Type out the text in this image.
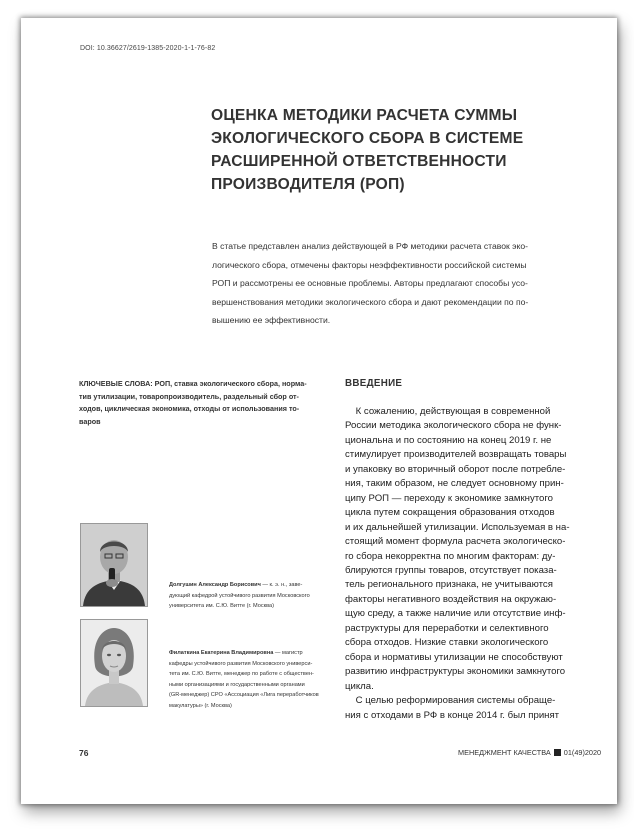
DOI: 10.36627/2619-1385-2020-1-1-76-82
ОЦЕНКА МЕТОДИКИ РАСЧЕТА СУММЫ
ЭКОЛОГИЧЕСКОГО СБОРА В СИСТЕМЕ
РАСШИРЕННОЙ ОТВЕТСТВЕННОСТИ
ПРОИЗВОДИТЕЛЯ (РОП)
В статье представлен анализ действующей в РФ методики расчета ставок эко-
логического сбора, отмечены факторы неэффективности российской системы
РОП и рассмотрены ее основные проблемы. Авторы предлагают способы усо-
вершенствования методики экологического сбора и дают рекомендации по по-
вышению ее эффективности.
КЛЮЧЕВЫЕ СЛОВА: РОП, ставка экологического сбора, норма-
тив утилизации, товаропроизводитель, раздельный сбор от-
ходов, циклическая экономика, отходы от использования то-
варов
ВВЕДЕНИЕ
К сожалению, действующая в современной
России методика экологического сбора не функ-
циональна и по состоянию на конец 2019 г. не
стимулирует производителей возвращать товары
и упаковку во вторичный оборот после потребле-
ния, таким образом, не следует основному прин-
ципу РОП — переходу к экономике замкнутого
цикла путем сокращения образования отходов
и их дальнейшей утилизации. Используемая в на-
стоящий момент формула расчета экологическо-
го сбора некорректна по многим факторам: ду-
блируются группы товаров, отсутствует показа-
тель регионального признака, не учитываются
факторы негативного воздействия на окружаю-
щую среду, а также наличие или отсутствие инф-
раструктуры для переработки и селективного
сбора отходов. Низкие ставки экологического
сбора и нормативы утилизации не способствуют
развитию инфраструктуры экономики замкнутого
цикла.
С целью реформирования системы обраще-
ния с отходами в РФ в конце 2014 г. был принят
Долгушин Александр Борисович — к. э. н., заве-
дующий кафедрой устойчивого развития Московского
университета им. С.Ю. Витте (г. Москва)
Филаткина Екатерина Владимировна — магистр
кафедры устойчивого развития Московского универси-
тета им. С.Ю. Витте, менеджер по работе с обществен-
ными организациями и государственными органами
(GR-менеджер) СРО «Ассоциация «Лига переработчиков
макулатуры» (г. Москва)
76	МЕНЕДЖМЕНТ КАЧЕСТВА 01(49)2020
